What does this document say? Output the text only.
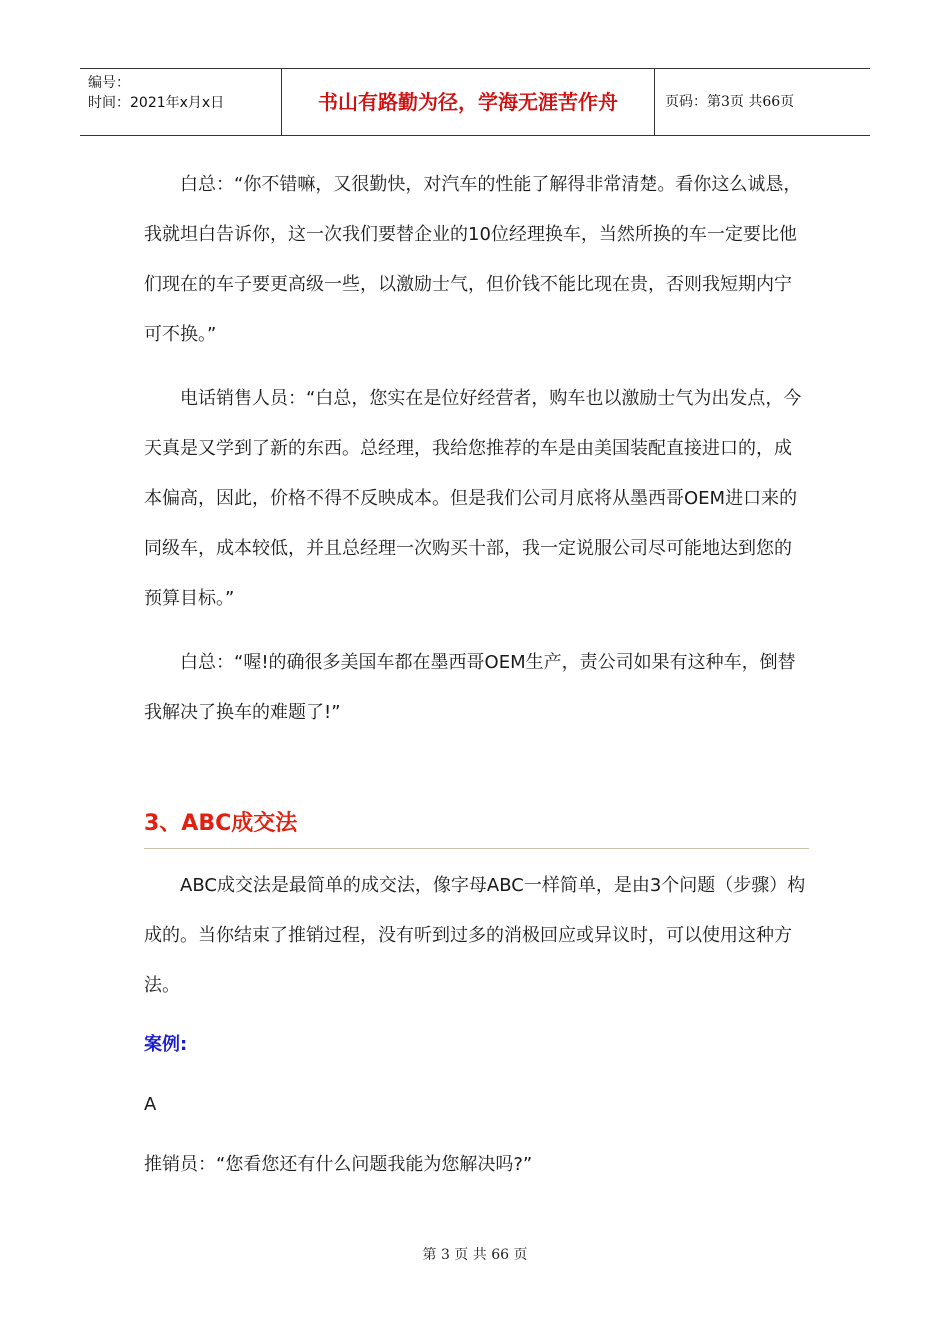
编号：
时间：2021年x月x日	书山有路勤为径，学海无涯苦作舟	页码：第3页 共66页

白总：“你不错嘛，又很勤快，对汽车的性能了解得非常清楚。看你这么诚恳，我就坦白告诉你，这一次我们要替企业的10位经理换车，当然所换的车一定要比他们现在的车子要更高级一些，以激励士气，但价钱不能比现在贵，否则我短期内宁可不换。”

电话销售人员：“白总，您实在是位好经营者，购车也以激励士气为出发点，今天真是又学到了新的东西。总经理，我给您推荐的车是由美国装配直接进口的，成本偏高，因此，价格不得不反映成本。但是我们公司月底将从墨西哥OEM进口来的同级车，成本较低，并且总经理一次购买十部，我一定说服公司尽可能地达到您的预算目标。”

白总：“喔!的确很多美国车都在墨西哥OEM生产，责公司如果有这种车，倒替我解决了换车的难题了!”

3、ABC成交法

ABC成交法是最简单的成交法，像字母ABC一样简单，是由3个问题（步骤）构成的。当你结束了推销过程，没有听到过多的消极回应或异议时，可以使用这种方法。

案例:
A
推销员：“您看您还有什么问题我能为您解决吗?”
第 3 页 共 66 页
